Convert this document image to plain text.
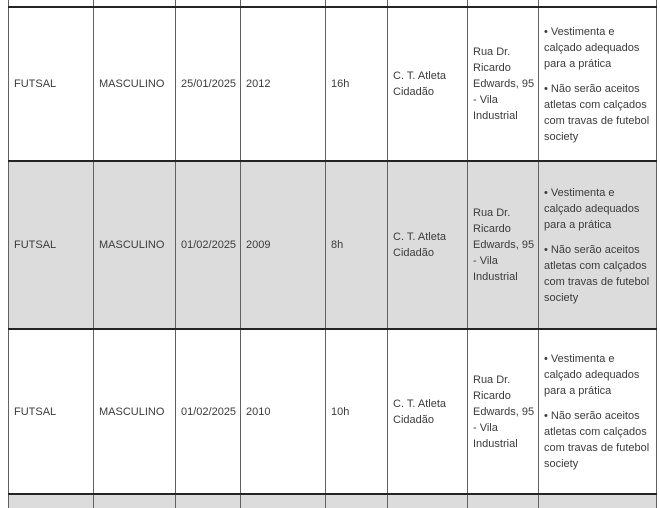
FUTSAL	MASCULINO	25/01/2025	2012	16h	C. T. Atleta Cidadão	Rua Dr. Ricardo Edwards, 95 - Vila Industrial	• Vestimenta e calçado adequados para a prática

• Não serão aceitos atletas com calçados com travas de futebol society

FUTSAL	MASCULINO	01/02/2025	2009	8h	C. T. Atleta Cidadão	Rua Dr. Ricardo Edwards, 95 - Vila Industrial	• Vestimenta e calçado adequados para a prática

• Não serão aceitos atletas com calçados com travas de futebol society

FUTSAL	MASCULINO	01/02/2025	2010	10h	C. T. Atleta Cidadão	Rua Dr. Ricardo Edwards, 95 - Vila Industrial	• Vestimenta e calçado adequados para a prática

• Não serão aceitos atletas com calçados com travas de futebol society
